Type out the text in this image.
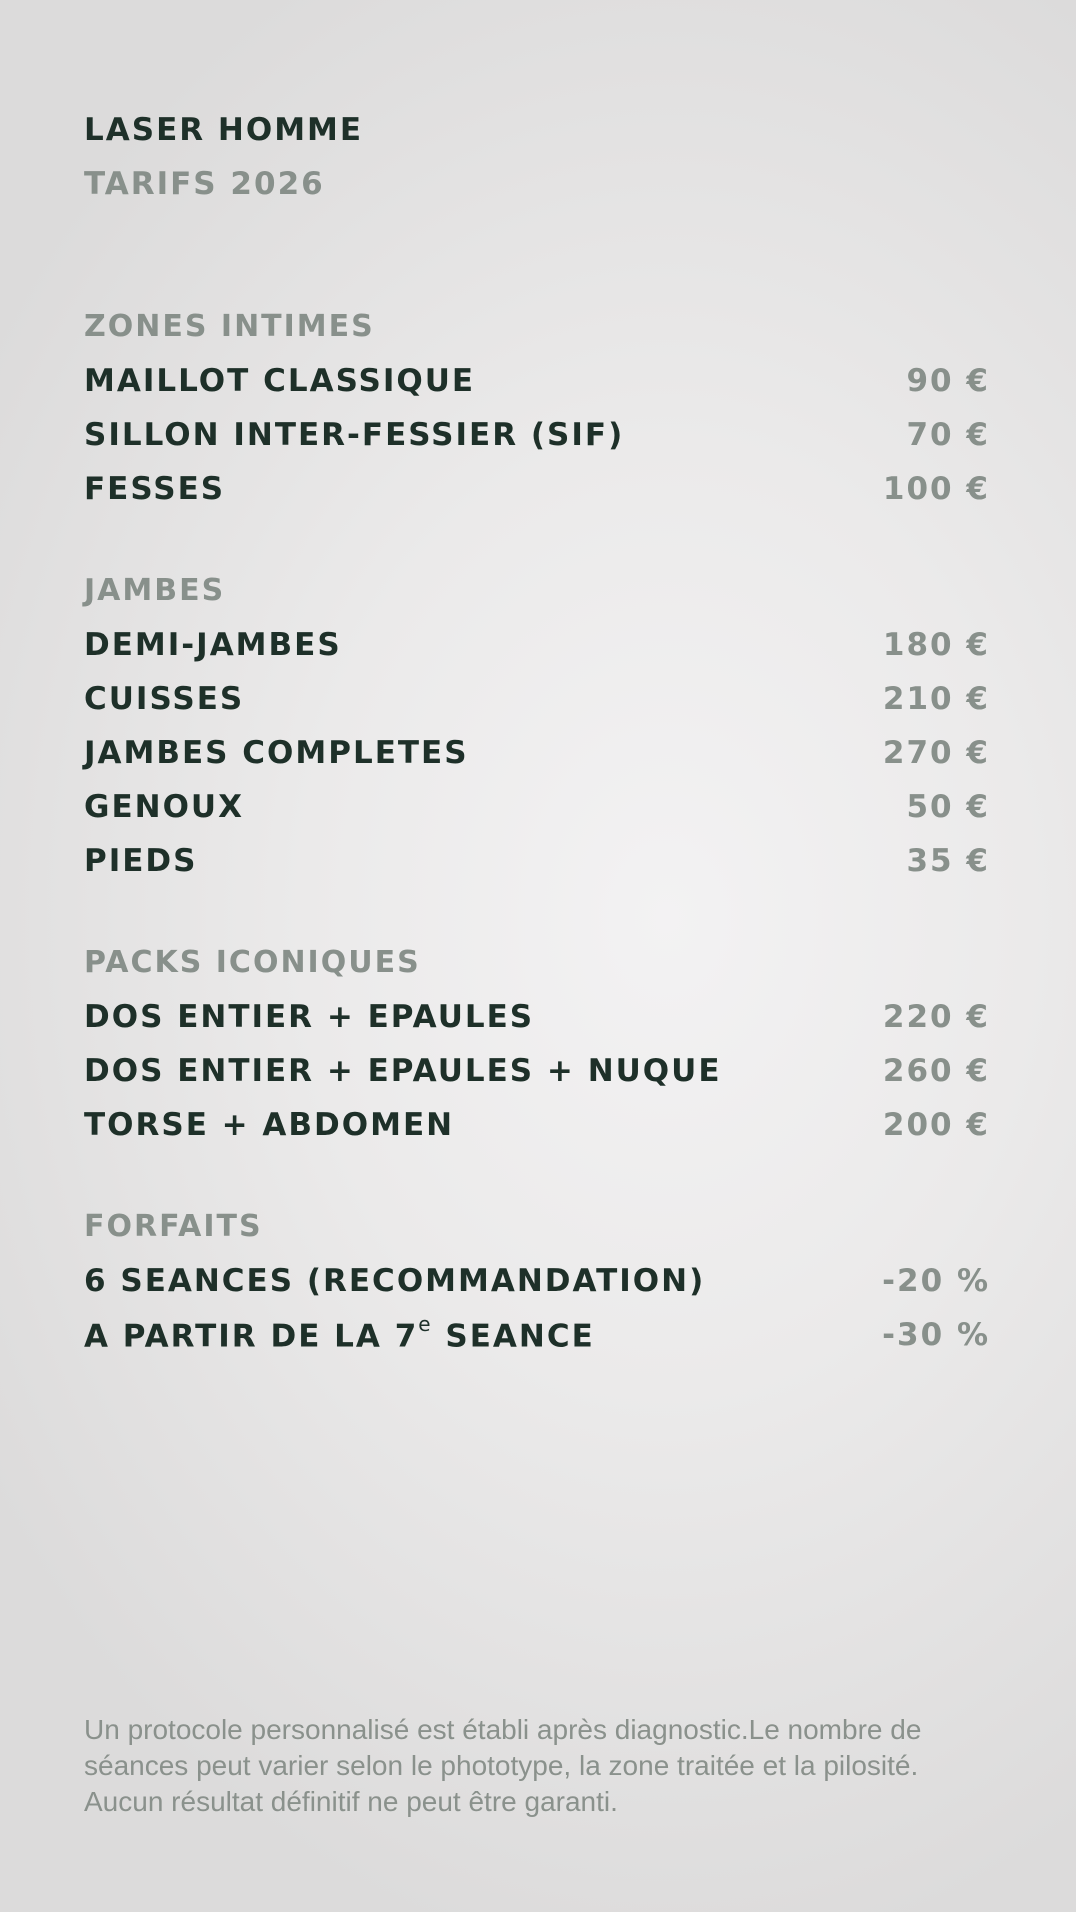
LASER HOMME
TARIFS 2026
ZONES INTIMES
MAILLOT CLASSIQUE	90 €
SILLON INTER-FESSIER (SIF)	70 €
FESSES	100 €
JAMBES
DEMI-JAMBES	180 €
CUISSES	210 €
JAMBES COMPLETES	270 €
GENOUX	50 €
PIEDS	35 €
PACKS ICONIQUES
DOS ENTIER + EPAULES	220 €
DOS ENTIER + EPAULES + NUQUE	260 €
TORSE + ABDOMEN	200 €
FORFAITS
6 SEANCES (RECOMMANDATION)	-20 %
A PARTIR DE LA 7e SEANCE	-30 %
Un protocole personnalisé est établi après diagnostic.Le nombre de séances peut varier selon le phototype, la zone traitée et la pilosité. Aucun résultat définitif ne peut être garanti.
